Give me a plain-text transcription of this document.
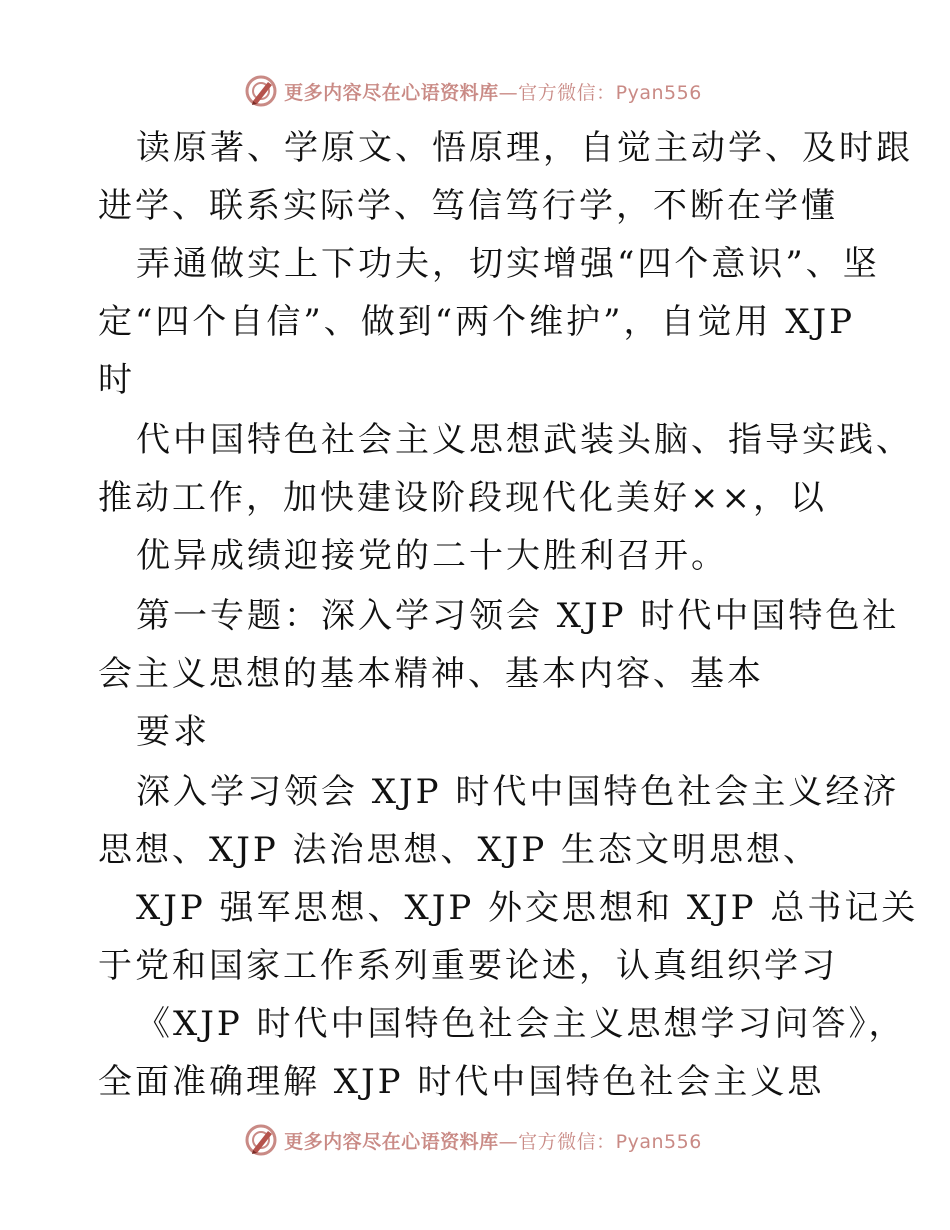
更多内容尽在心语资料库—官方微信：Pyan556
读原著、学原文、悟原理，自觉主动学、及时跟
进学、联系实际学、笃信笃行学，不断在学懂
弄通做实上下功夫，切实增强“四个意识”、坚
定“四个自信”、做到“两个维护”，自觉用 XJP
时
代中国特色社会主义思想武装头脑、指导实践、
推动工作，加快建设阶段现代化美好××，以
优异成绩迎接党的二十大胜利召开。
第一专题：深入学习领会 XJP 时代中国特色社
会主义思想的基本精神、基本内容、基本
要求
深入学习领会 XJP 时代中国特色社会主义经济
思想、XJP 法治思想、XJP 生态文明思想、
XJP 强军思想、XJP 外交思想和 XJP 总书记关
于党和国家工作系列重要论述，认真组织学习
《XJP 时代中国特色社会主义思想学习问答》，
全面准确理解 XJP 时代中国特色社会主义思
更多内容尽在心语资料库—官方微信：Pyan556
